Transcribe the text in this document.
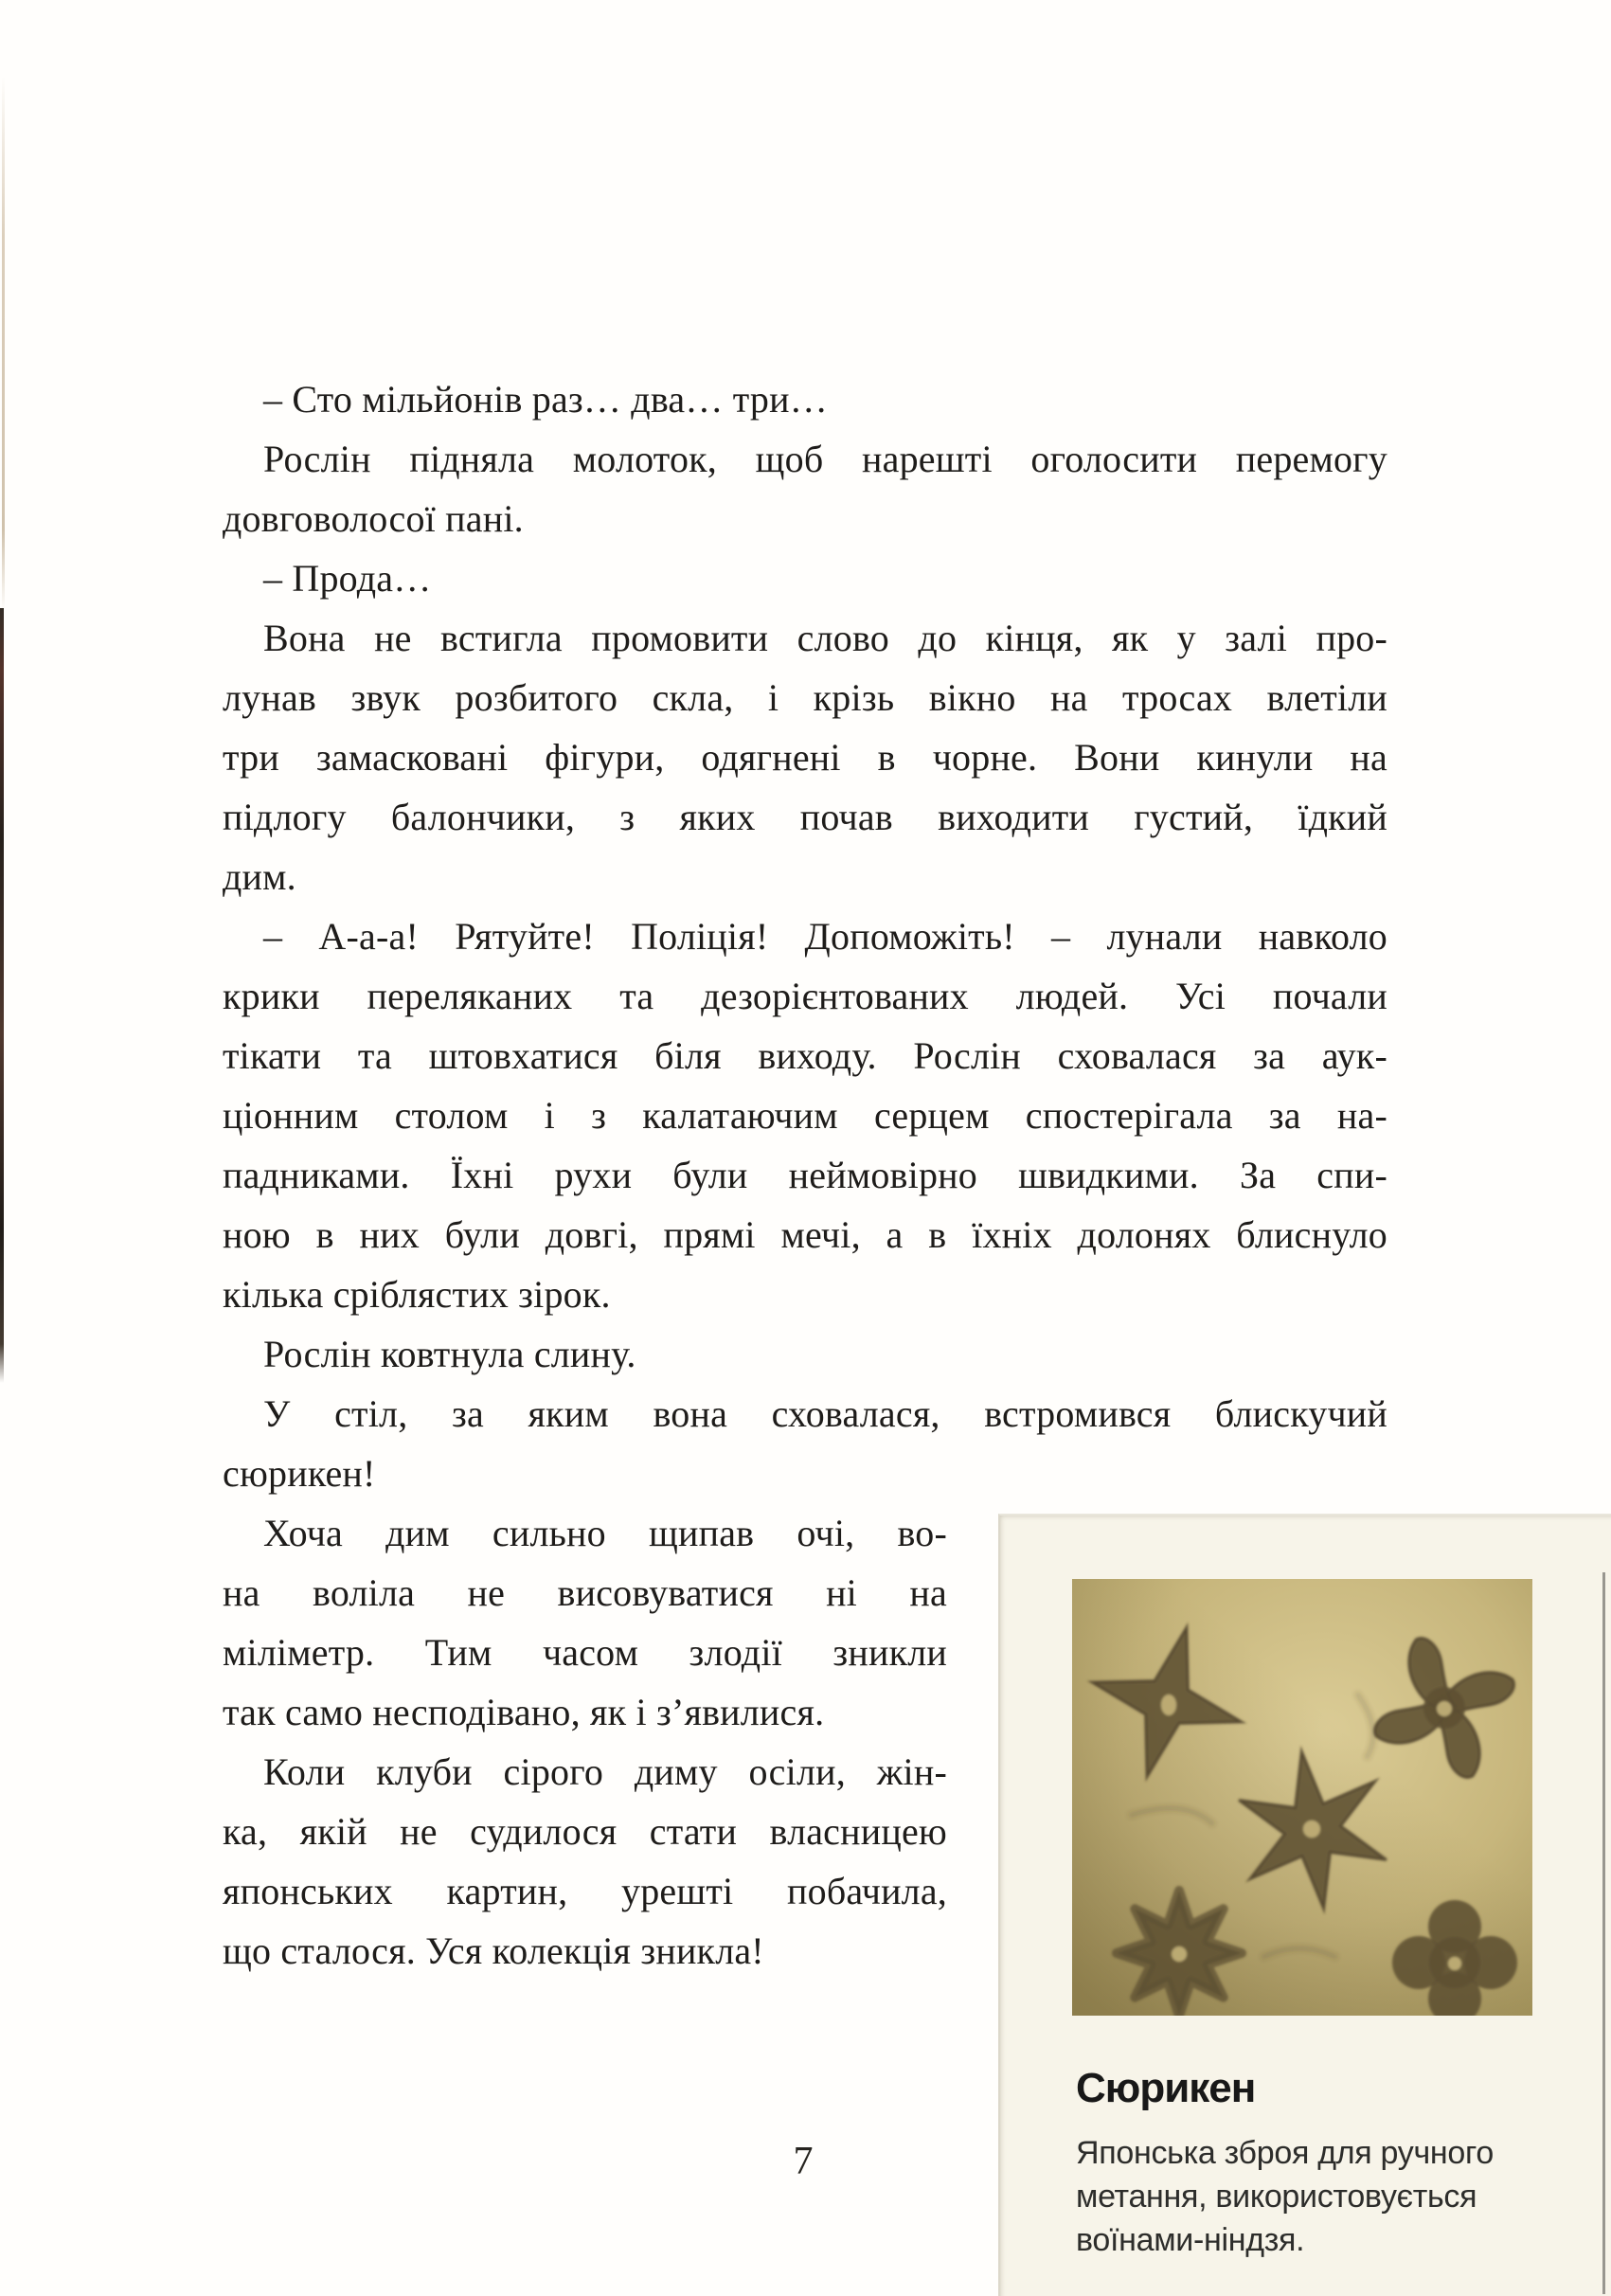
– Сто мільйонів раз… два… три…
Рослін підняла молоток, щоб нарешті оголосити перемогу
довговолосої пані.
– Прода…
Вона не встигла промовити слово до кінця, як у залі про-
лунав звук розбитого скла, і крізь вікно на тросах влетіли
три замасковані фігури, одягнені в чорне. Вони кинули на
підлогу балончики, з яких почав виходити густий, їдкий
дим.
– А-а-а! Рятуйте! Поліція! Допоможіть! – лунали навколо
крики переляканих та дезорієнтованих людей. Усі почали
тікати та штовхатися біля виходу. Рослін сховалася за аук-
ціонним столом і з калатаючим серцем спостерігала за на-
падниками. Їхні рухи були неймовірно швидкими. За спи-
ною в них були довгі, прямі мечі, а в їхніх долонях блиснуло
кілька сріблястих зірок.
Рослін ковтнула слину.
У стіл, за яким вона сховалася, встромився блискучий
сюрикен!
Хоча дим сильно щипав очі, во-
на воліла не висовуватися ні на
міліметр. Тим часом злодії зникли
так само несподівано, як і з’явилися.
Коли клуби сірого диму осіли, жін-
ка, якій не судилося стати власницею
японських картин, урешті побачила,
що сталося. Уся колекція зникла!
7
Сюрикен
Японська зброя для ручного
метання, використовується
воїнами-ніндзя.
